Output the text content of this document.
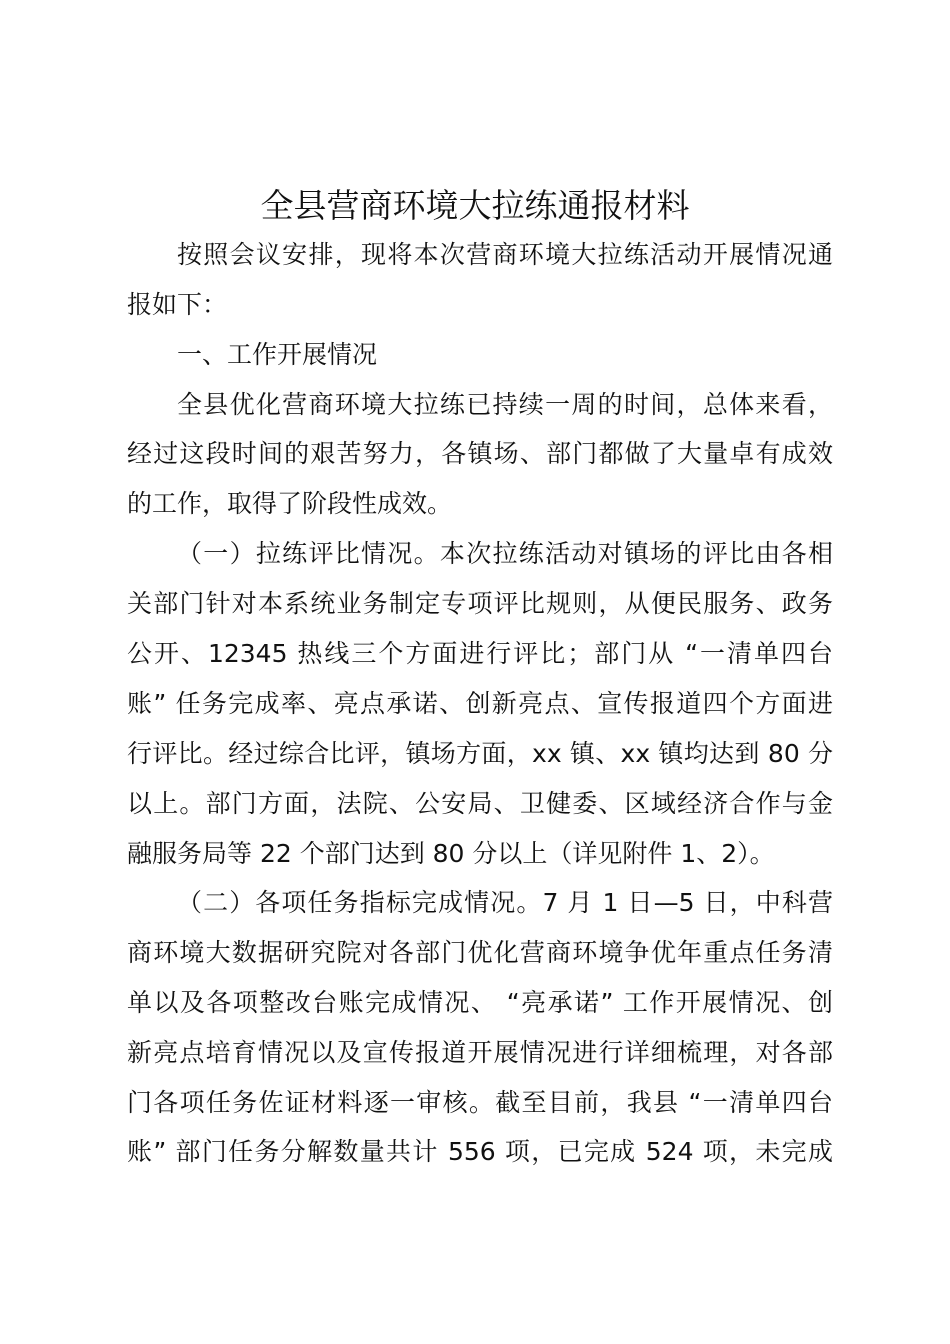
全县营商环境大拉练通报材料
按照会议安排，现将本次营商环境大拉练活动开展情况通
报如下：
一、工作开展情况
全县优化营商环境大拉练已持续一周的时间，总体来看，
经过这段时间的艰苦努力，各镇场、部门都做了大量卓有成效
的工作，取得了阶段性成效。
（一）拉练评比情况。本次拉练活动对镇场的评比由各相
关部门针对本系统业务制定专项评比规则，从便民服务、政务
公开、12345 热线三个方面进行评比；部门从 “一清单四台
账” 任务完成率、亮点承诺、创新亮点、宣传报道四个方面进
行评比。经过综合比评，镇场方面，xx 镇、xx 镇均达到 80 分
以上。部门方面，法院、公安局、卫健委、区域经济合作与金
融服务局等 22 个部门达到 80 分以上（详见附件 1、2）。
（二）各项任务指标完成情况。7 月 1 日—5 日，中科营
商环境大数据研究院对各部门优化营商环境争优年重点任务清
单以及各项整改台账完成情况、 “亮承诺” 工作开展情况、创
新亮点培育情况以及宣传报道开展情况进行详细梳理，对各部
门各项任务佐证材料逐一审核。截至目前，我县 “一清单四台
账” 部门任务分解数量共计 556 项，已完成 524 项，未完成
